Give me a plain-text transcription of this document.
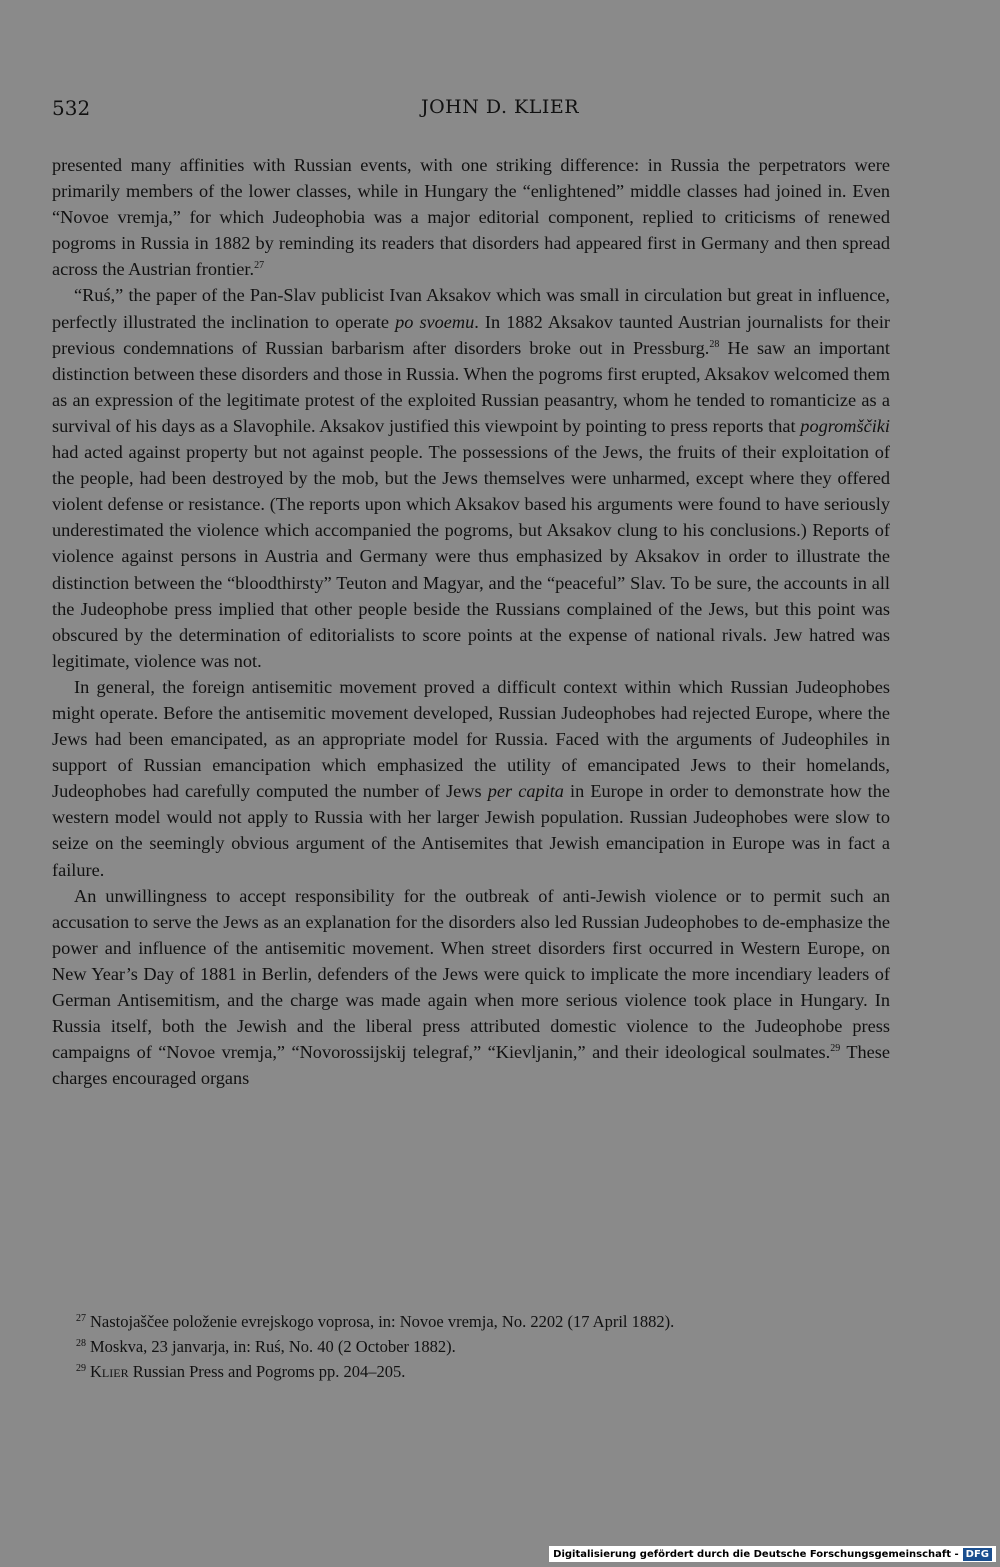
532	JOHN D. KLIER

presented many affinities with Russian events, with one striking difference: in Russia the perpetrators were primarily members of the lower classes, while in Hungary the “enlightened” middle classes had joined in. Even “Novoe vremja,” for which Judeophobia was a major editorial component, replied to criticisms of renewed pogroms in Russia in 1882 by reminding its readers that disorders had appeared first in Germany and then spread across the Austrian frontier.$^{27}$

“Ruś,” the paper of the Pan-Slav publicist Ivan Aksakov which was small in circulation but great in influence, perfectly illustrated the inclination to operate po svoemu. In 1882 Aksakov taunted Austrian journalists for their previous condemnations of Russian barbarism after disorders broke out in Pressburg.$^{28}$ He saw an important distinction between these disorders and those in Russia. When the pogroms first erupted, Aksakov welcomed them as an expression of the legitimate protest of the exploited Russian peasantry, whom he tended to romanticize as a survival of his days as a Slavophile. Aksakov justified this viewpoint by pointing to press reports that pogromščiki had acted against property but not against people. The possessions of the Jews, the fruits of their exploitation of the people, had been destroyed by the mob, but the Jews themselves were unharmed, except where they offered violent defense or resistance. (The reports upon which Aksakov based his arguments were found to have seriously underestimated the violence which accompanied the pogroms, but Aksakov clung to his conclusions.) Reports of violence against persons in Austria and Germany were thus emphasized by Aksakov in order to illustrate the distinction between the “bloodthirsty” Teuton and Magyar, and the “peaceful” Slav. To be sure, the accounts in all the Judeophobe press implied that other people beside the Russians complained of the Jews, but this point was obscured by the determination of editorialists to score points at the expense of national rivals. Jew hatred was legitimate, violence was not.

In general, the foreign antisemitic movement proved a difficult context within which Russian Judeophobes might operate. Before the antisemitic movement developed, Russian Judeophobes had rejected Europe, where the Jews had been emancipated, as an appropriate model for Russia. Faced with the arguments of Judeophiles in support of Russian emancipation which emphasized the utility of emancipated Jews to their homelands, Judeophobes had carefully computed the number of Jews per capita in Europe in order to demonstrate how the western model would not apply to Russia with her larger Jewish population. Russian Judeophobes were slow to seize on the seemingly obvious argument of the Antisemites that Jewish emancipation in Europe was in fact a failure.

An unwillingness to accept responsibility for the outbreak of anti-Jewish violence or to permit such an accusation to serve the Jews as an explanation for the disorders also led Russian Judeophobes to de-emphasize the power and influence of the antisemitic movement. When street disorders first occurred in Western Europe, on New Year’s Day of 1881 in Berlin, defenders of the Jews were quick to implicate the more incendiary leaders of German Antisemitism, and the charge was made again when more serious violence took place in Hungary. In Russia itself, both the Jewish and the liberal press attributed domestic violence to the Judeophobe press campaigns of “Novoe vremja,” “Novorossijskij telegraf,” “Kievljanin,” and their ideological soulmates.$^{29}$ These charges encouraged organs

$^{27}$ Nastojaščee položenie evrejskogo voprosa, in: Novoe vremja, No. 2202 (17 April 1882).
$^{28}$ Moskva, 23 janvarja, in: Ruś, No. 40 (2 October 1882).
$^{29}$ Klier Russian Press and Pogroms pp. 204–205.
Digitalisierung gefördert durch die Deutsche Forschungsgemeinschaft - DFG
